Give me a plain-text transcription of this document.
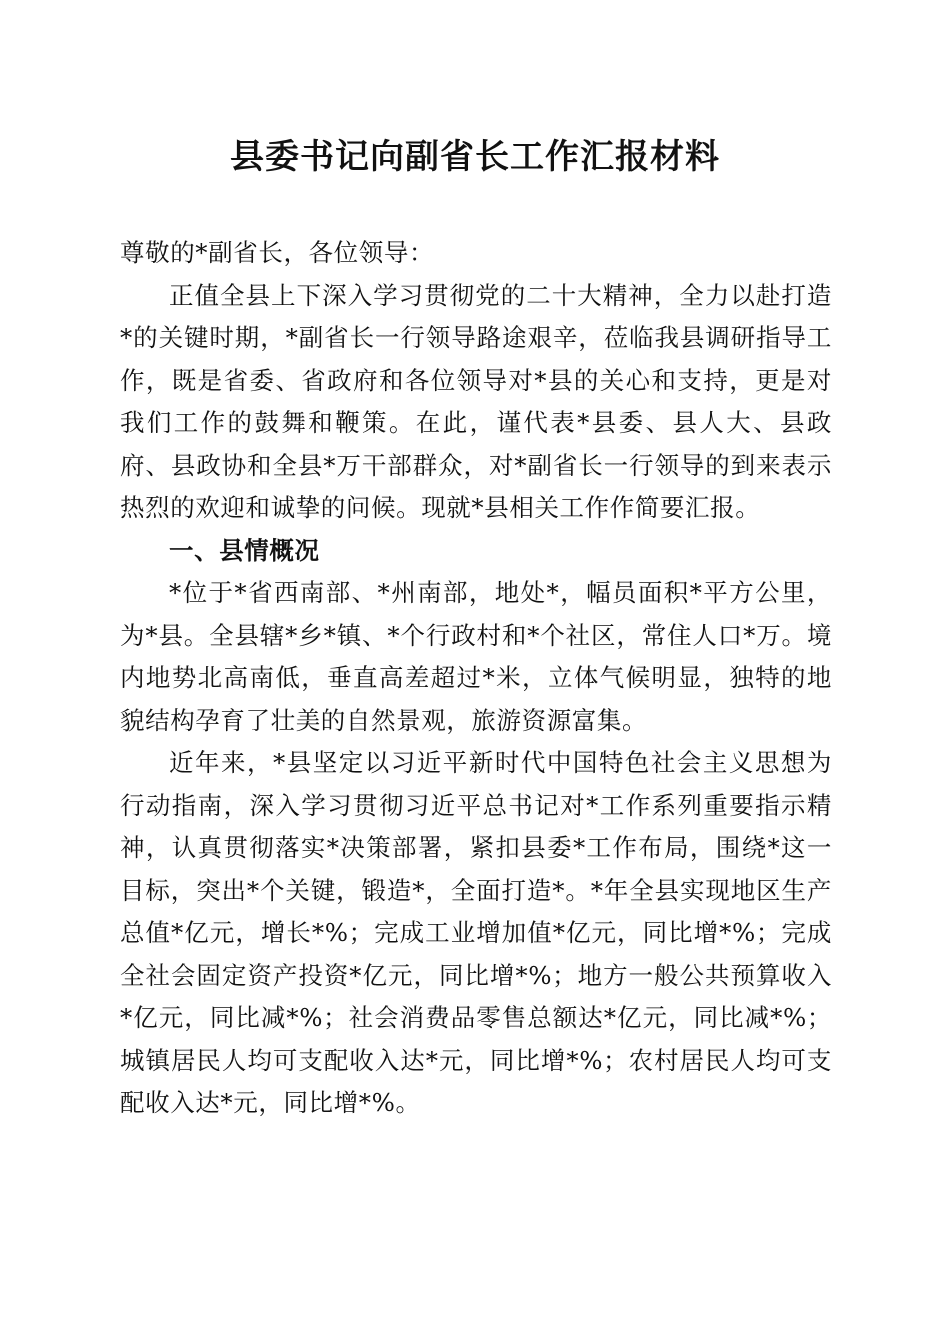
县委书记向副省长工作汇报材料

尊敬的*副省长，各位领导：

正值全县上下深入学习贯彻党的二十大精神，全力以赴打造*的关键时期，*副省长一行领导路途艰辛，莅临我县调研指导工作，既是省委、省政府和各位领导对*县的关心和支持，更是对我们工作的鼓舞和鞭策。在此，谨代表*县委、县人大、县政府、县政协和全县*万干部群众，对*副省长一行领导的到来表示热烈的欢迎和诚挚的问候。现就*县相关工作作简要汇报。

一、县情概况

*位于*省西南部、*州南部，地处*，幅员面积*平方公里，为*县。全县辖*乡*镇、*个行政村和*个社区，常住人口*万。境内地势北高南低，垂直高差超过*米，立体气候明显，独特的地貌结构孕育了壮美的自然景观，旅游资源富集。

近年来，*县坚定以习近平新时代中国特色社会主义思想为行动指南，深入学习贯彻习近平总书记对*工作系列重要指示精神，认真贯彻落实*决策部署，紧扣县委*工作布局，围绕*这一目标，突出*个关键，锻造*，全面打造*。*年全县实现地区生产总值*亿元，增长*%；完成工业增加值*亿元，同比增*%；完成全社会固定资产投资*亿元，同比增*%；地方一般公共预算收入*亿元，同比减*%；社会消费品零售总额达*亿元，同比减*%；城镇居民人均可支配收入达*元，同比增*%；农村居民人均可支配收入达*元，同比增*%。
